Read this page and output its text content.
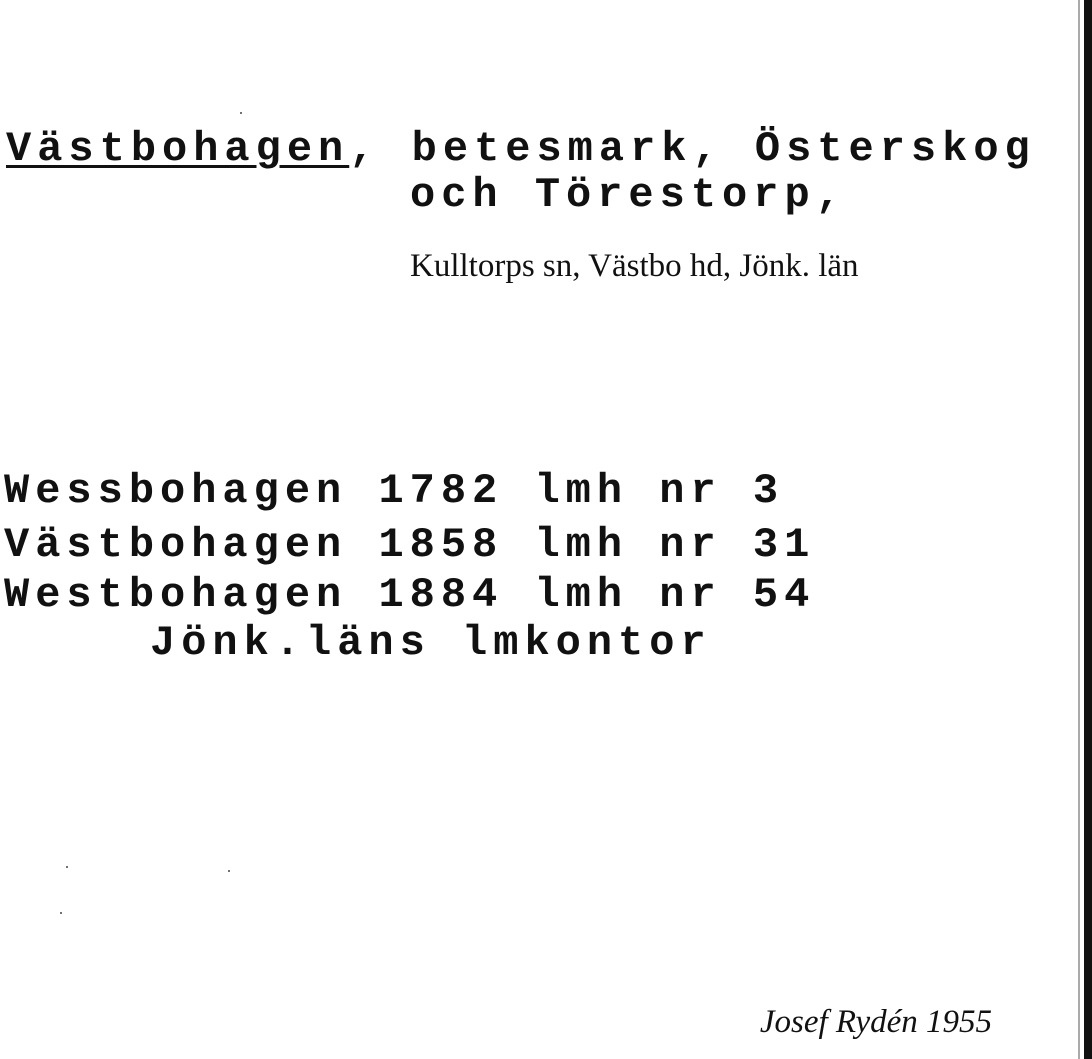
Västbohagen, betesmark, Österskog
och Törestorp,
Kulltorps sn, Västbo hd, Jönk. län
Wessbohagen 1782 lmh nr 3
Västbohagen 1858 lmh nr 31
Westbohagen 1884 lmh nr 54
Jönk.läns lmkontor
Josef Rydén 1955
